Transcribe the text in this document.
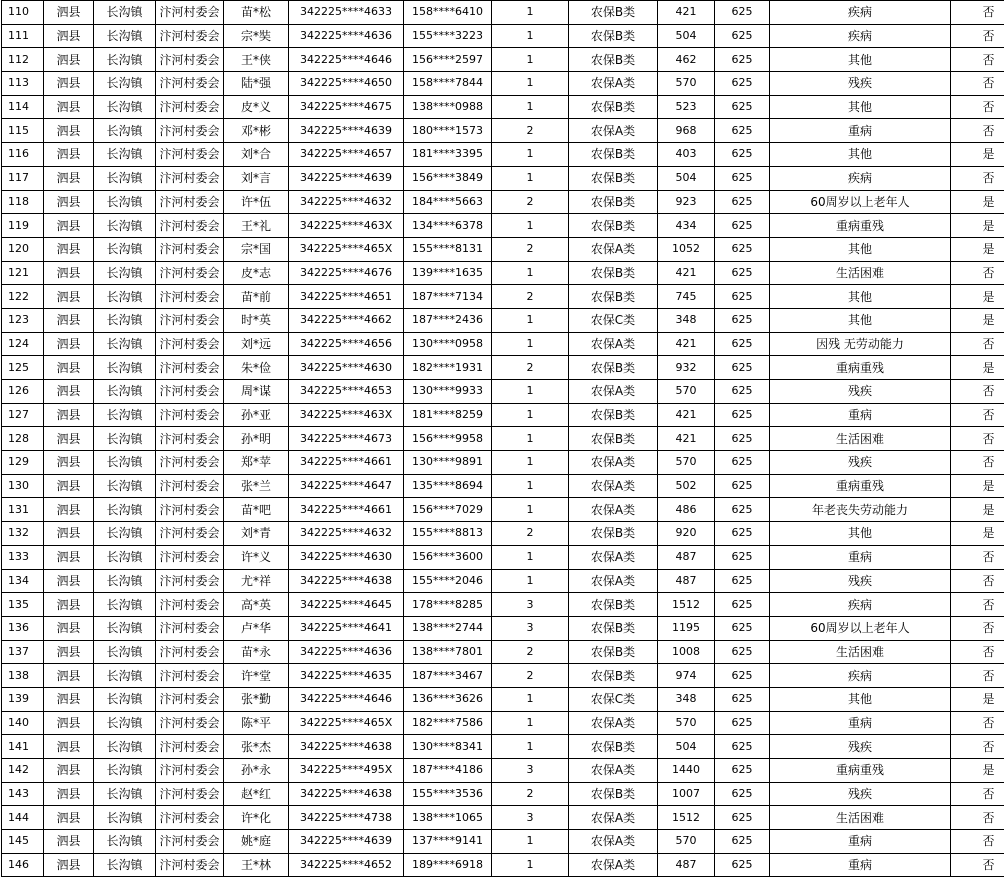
110	泗县	长沟镇	汴河村委会	苗*松	342225****4633	158****6410	1	农保B类	421	625	疾病	否	
111	泗县	长沟镇	汴河村委会	宗*奘	342225****4636	155****3223	1	农保B类	504	625	疾病	否	
112	泗县	长沟镇	汴河村委会	王*侠	342225****4646	156****2597	1	农保B类	462	625	其他	否	
113	泗县	长沟镇	汴河村委会	陆*强	342225****4650	158****7844	1	农保A类	570	625	残疾	否	
114	泗县	长沟镇	汴河村委会	皮*义	342225****4675	138****0988	1	农保B类	523	625	其他	否	
115	泗县	长沟镇	汴河村委会	邓*彬	342225****4639	180****1573	2	农保A类	968	625	重病	否	
116	泗县	长沟镇	汴河村委会	刘*合	342225****4657	181****3395	1	农保B类	403	625	其他	是	
117	泗县	长沟镇	汴河村委会	刘*言	342225****4639	156****3849	1	农保B类	504	625	疾病	否	
118	泗县	长沟镇	汴河村委会	许*伍	342225****4632	184****5663	2	农保B类	923	625	60周岁以上老年人	是	
119	泗县	长沟镇	汴河村委会	王*礼	342225****463X	134****6378	1	农保B类	434	625	重病重残	是	
120	泗县	长沟镇	汴河村委会	宗*国	342225****465X	155****8131	2	农保A类	1052	625	其他	是	
121	泗县	长沟镇	汴河村委会	皮*志	342225****4676	139****1635	1	农保B类	421	625	生活困难	否	
122	泗县	长沟镇	汴河村委会	苗*前	342225****4651	187****7134	2	农保B类	745	625	其他	是	
123	泗县	长沟镇	汴河村委会	时*英	342225****4662	187****2436	1	农保C类	348	625	其他	是	
124	泗县	长沟镇	汴河村委会	刘*远	342225****4656	130****0958	1	农保A类	421	625	因残 无劳动能力	否	
125	泗县	长沟镇	汴河村委会	朱*俭	342225****4630	182****1931	2	农保B类	932	625	重病重残	是	
126	泗县	长沟镇	汴河村委会	周*谋	342225****4653	130****9933	1	农保A类	570	625	残疾	否	
127	泗县	长沟镇	汴河村委会	孙*亚	342225****463X	181****8259	1	农保B类	421	625	重病	否	
128	泗县	长沟镇	汴河村委会	孙*明	342225****4673	156****9958	1	农保B类	421	625	生活困难	否	
129	泗县	长沟镇	汴河村委会	郑*苹	342225****4661	130****9891	1	农保A类	570	625	残疾	否	
130	泗县	长沟镇	汴河村委会	张*兰	342225****4647	135****8694	1	农保A类	502	625	重病重残	是	
131	泗县	长沟镇	汴河村委会	苗*吧	342225****4661	156****7029	1	农保A类	486	625	年老丧失劳动能力	是	
132	泗县	长沟镇	汴河村委会	刘*青	342225****4632	155****8813	2	农保B类	920	625	其他	是	
133	泗县	长沟镇	汴河村委会	许*义	342225****4630	156****3600	1	农保A类	487	625	重病	否	
134	泗县	长沟镇	汴河村委会	尤*祥	342225****4638	155****2046	1	农保A类	487	625	残疾	否	
135	泗县	长沟镇	汴河村委会	高*英	342225****4645	178****8285	3	农保B类	1512	625	疾病	否	
136	泗县	长沟镇	汴河村委会	卢*华	342225****4641	138****2744	3	农保B类	1195	625	60周岁以上老年人	否	
137	泗县	长沟镇	汴河村委会	苗*永	342225****4636	138****7801	2	农保B类	1008	625	生活困难	否	
138	泗县	长沟镇	汴河村委会	许*堂	342225****4635	187****3467	2	农保B类	974	625	疾病	否	
139	泗县	长沟镇	汴河村委会	张*勤	342225****4646	136****3626	1	农保C类	348	625	其他	是	
140	泗县	长沟镇	汴河村委会	陈*平	342225****465X	182****7586	1	农保A类	570	625	重病	否	
141	泗县	长沟镇	汴河村委会	张*杰	342225****4638	130****8341	1	农保B类	504	625	残疾	否	
142	泗县	长沟镇	汴河村委会	孙*永	342225****495X	187****4186	3	农保A类	1440	625	重病重残	是	
143	泗县	长沟镇	汴河村委会	赵*红	342225****4638	155****3536	2	农保B类	1007	625	残疾	否	
144	泗县	长沟镇	汴河村委会	许*化	342225****4738	138****1065	3	农保A类	1512	625	生活困难	否	
145	泗县	长沟镇	汴河村委会	姚*庭	342225****4639	137****9141	1	农保A类	570	625	重病	否	
146	泗县	长沟镇	汴河村委会	王*林	342225****4652	189****6918	1	农保A类	487	625	重病	否	
